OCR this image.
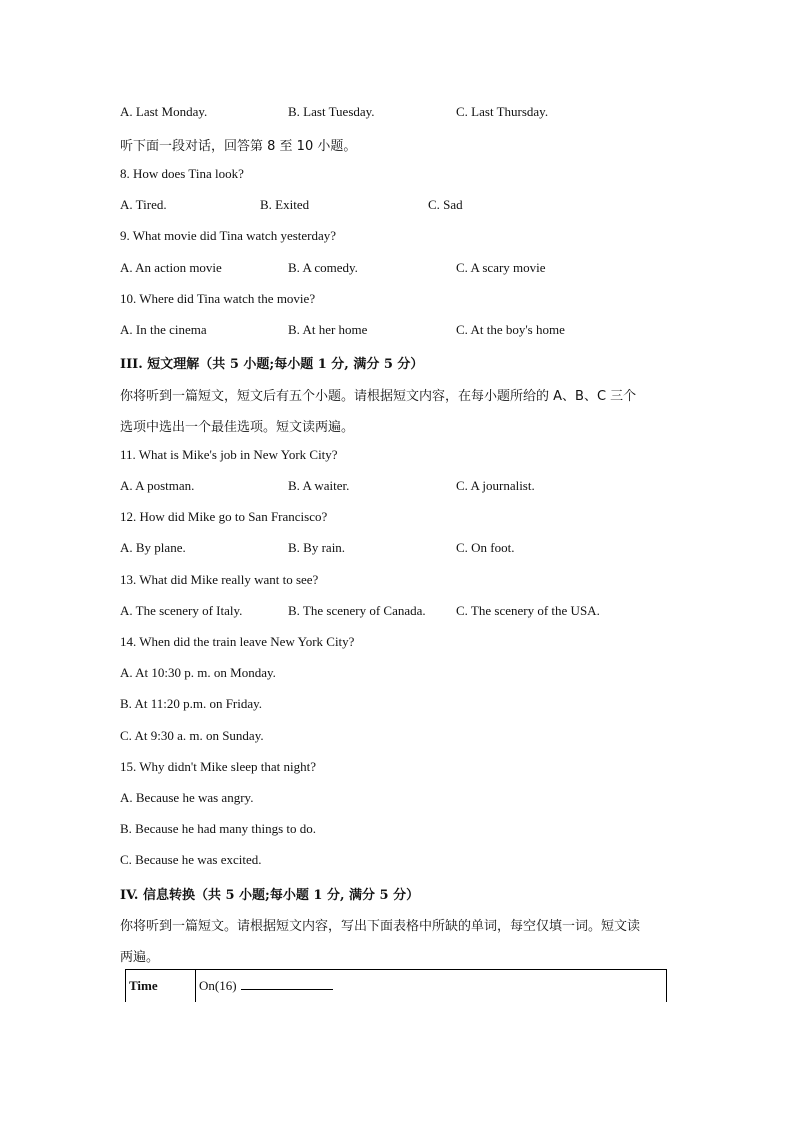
A. Last Monday.	B. Last Tuesday.	C. Last Thursday.
听下面一段对话，回答第 8 至 10 小题。
8. How does Tina look?
A. Tired.	B. Exited	C. Sad
9. What movie did Tina watch yesterday?
A. An action movie	B. A comedy.	C. A scary movie
10. Where did Tina watch the movie?
A. In the cinema	B. At her home	C. At the boy's home
III. 短文理解（共 5 小题;每小题 1 分, 满分 5 分）
你将听到一篇短文，短文后有五个小题。请根据短文内容，在每小题所给的 A、B、C 三个
选项中选出一个最佳选项。短文读两遍。
11. What is Mike's job in New York City?
A. A postman.	B. A waiter.	C. A journalist.
12. How did Mike go to San Francisco?
A. By plane.	B. By rain.	C. On foot.
13. What did Mike really want to see?
A. The scenery of Italy.	B. The scenery of Canada. C. The scenery of the USA.
14. When did the train leave New York City?
A. At 10:30 p. m. on Monday.
B. At 11:20 p.m. on Friday.
C. At 9:30 a. m. on Sunday.
15. Why didn't Mike sleep that night?
A. Because he was angry.
B. Because he had many things to do.
C. Because he was excited.
IV. 信息转换（共 5 小题;每小题 1 分, 满分 5 分）
你将听到一篇短文。请根据短文内容，写出下面表格中所缺的单词，每空仅填一词。短文读
两遍。
Time	On(16)
